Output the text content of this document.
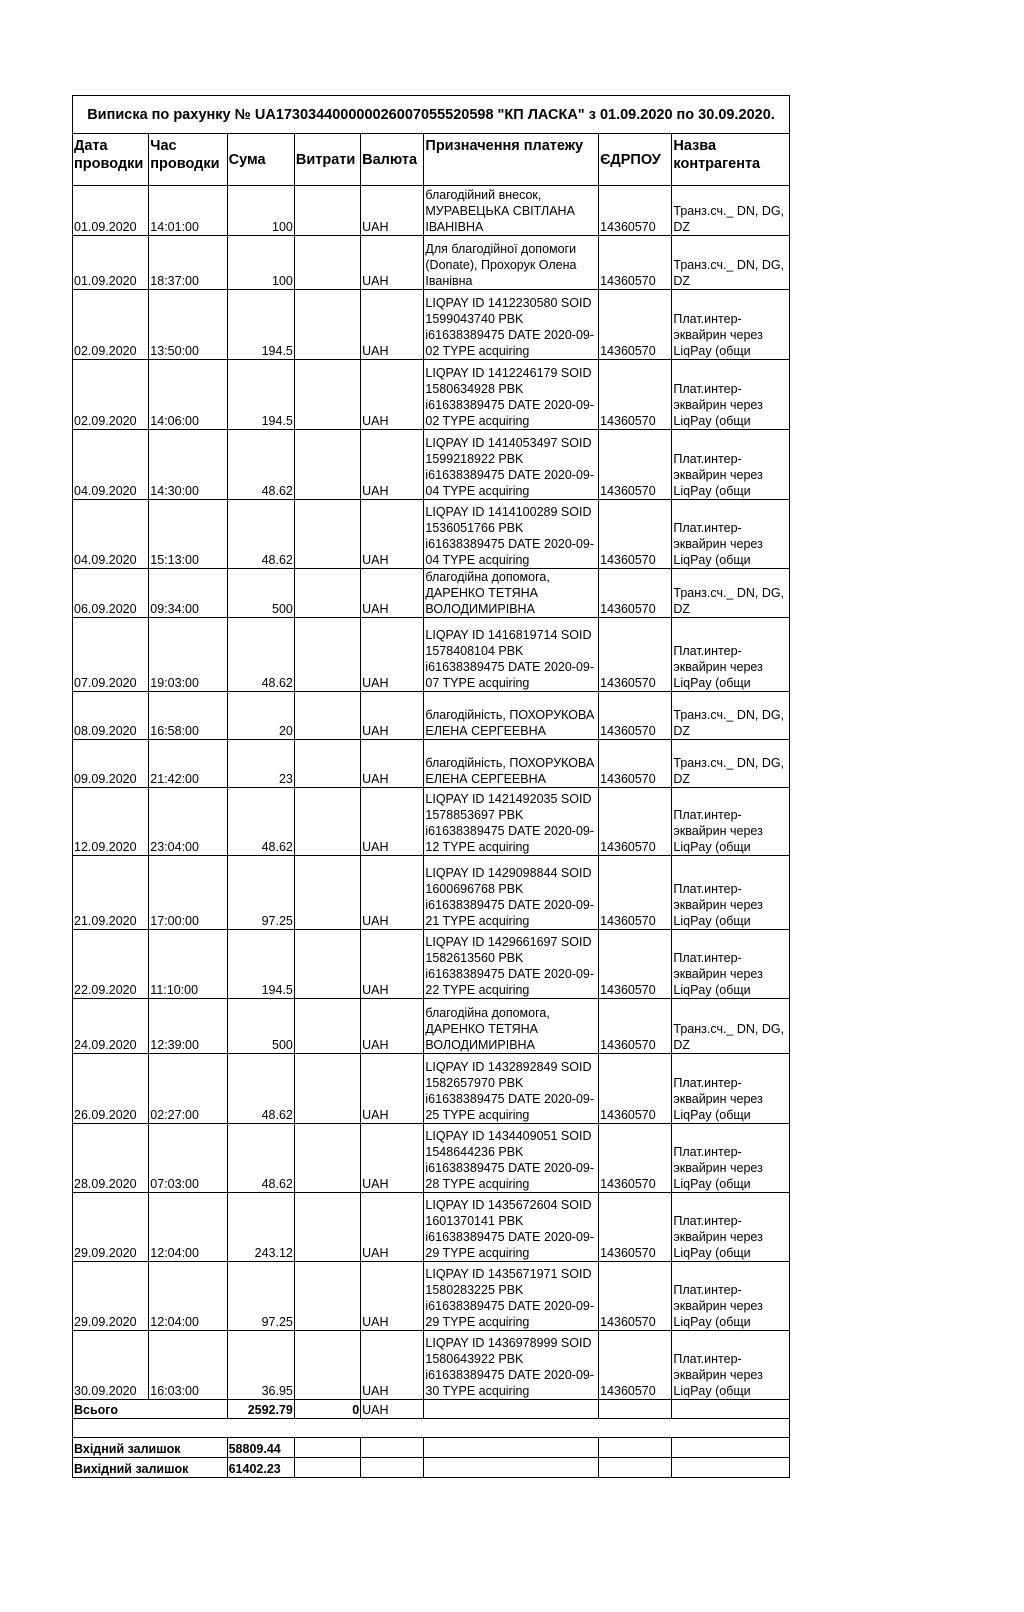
Виписка по рахунку № UA173034400000026007055520598 "КП ЛАСКА" з 01.09.2020 по 30.09.2020.							
Дата проводки	Час проводки	Сума	Витрати	Валюта	Призначення платежу	ЄДРПОУ	Назва контрагента
01.09.2020	14:01:00	100		UAH	благодійний внесок, МУРАВЕЦЬКА СВІТЛАНА ІВАНІВНА	14360570	Транз.сч._ DN, DG, DZ
01.09.2020	18:37:00	100		UAH	Для благодійної допомоги (Donate), Прохорук Олена Іванівна	14360570	Транз.сч._ DN, DG, DZ
02.09.2020	13:50:00	194.5		UAH	LIQPAY ID 1412230580 SOID 1599043740 PBK i61638389475 DATE 2020-09-02 TYPE acquiring	14360570	Плат.интер-эквайрин через LiqPay (общи
02.09.2020	14:06:00	194.5		UAH	LIQPAY ID 1412246179 SOID 1580634928 PBK i61638389475 DATE 2020-09-02 TYPE acquiring	14360570	Плат.интер-эквайрин через LiqPay (общи
04.09.2020	14:30:00	48.62		UAH	LIQPAY ID 1414053497 SOID 1599218922 PBK i61638389475 DATE 2020-09-04 TYPE acquiring	14360570	Плат.интер-эквайрин через LiqPay (общи
04.09.2020	15:13:00	48.62		UAH	LIQPAY ID 1414100289 SOID 1536051766 PBK i61638389475 DATE 2020-09-04 TYPE acquiring	14360570	Плат.интер-эквайрин через LiqPay (общи
06.09.2020	09:34:00	500		UAH	благодійна допомога, ДАРЕНКО ТЕТЯНА ВОЛОДИМИРІВНА	14360570	Транз.сч._ DN, DG, DZ
07.09.2020	19:03:00	48.62		UAH	LIQPAY ID 1416819714 SOID 1578408104 PBK i61638389475 DATE 2020-09-07 TYPE acquiring	14360570	Плат.интер-эквайрин через LiqPay (общи
08.09.2020	16:58:00	20		UAH	благодійність, ПОХОРУКОВА ЕЛЕНА СЕРГЕЕВНА	14360570	Транз.сч._ DN, DG, DZ
09.09.2020	21:42:00	23		UAH	благодійність, ПОХОРУКОВА ЕЛЕНА СЕРГЕЕВНА	14360570	Транз.сч._ DN, DG, DZ
12.09.2020	23:04:00	48.62		UAH	LIQPAY ID 1421492035 SOID 1578853697 PBK i61638389475 DATE 2020-09-12 TYPE acquiring	14360570	Плат.интер-эквайрин через LiqPay (общи
21.09.2020	17:00:00	97.25		UAH	LIQPAY ID 1429098844 SOID 1600696768 PBK i61638389475 DATE 2020-09-21 TYPE acquiring	14360570	Плат.интер-эквайрин через LiqPay (общи
22.09.2020	11:10:00	194.5		UAH	LIQPAY ID 1429661697 SOID 1582613560 PBK i61638389475 DATE 2020-09-22 TYPE acquiring	14360570	Плат.интер-эквайрин через LiqPay (общи
24.09.2020	12:39:00	500		UAH	благодійна допомога, ДАРЕНКО ТЕТЯНА ВОЛОДИМИРІВНА	14360570	Транз.сч._ DN, DG, DZ
26.09.2020	02:27:00	48.62		UAH	LIQPAY ID 1432892849 SOID 1582657970 PBK i61638389475 DATE 2020-09-25 TYPE acquiring	14360570	Плат.интер-эквайрин через LiqPay (общи
28.09.2020	07:03:00	48.62		UAH	LIQPAY ID 1434409051 SOID 1548644236 PBK i61638389475 DATE 2020-09-28 TYPE acquiring	14360570	Плат.интер-эквайрин через LiqPay (общи
29.09.2020	12:04:00	243.12		UAH	LIQPAY ID 1435672604 SOID 1601370141 PBK i61638389475 DATE 2020-09-29 TYPE acquiring	14360570	Плат.интер-эквайрин через LiqPay (общи
29.09.2020	12:04:00	97.25		UAH	LIQPAY ID 1435671971 SOID 1580283225 PBK i61638389475 DATE 2020-09-29 TYPE acquiring	14360570	Плат.интер-эквайрин через LiqPay (общи
30.09.2020	16:03:00	36.95		UAH	LIQPAY ID 1436978999 SOID 1580643922 PBK i61638389475 DATE 2020-09-30 TYPE acquiring	14360570	Плат.интер-эквайрин через LiqPay (общи
Всього		2592.79	0	UAH			

Вхідний залишок		58809.44					
Вихідний залишок		61402.23					
